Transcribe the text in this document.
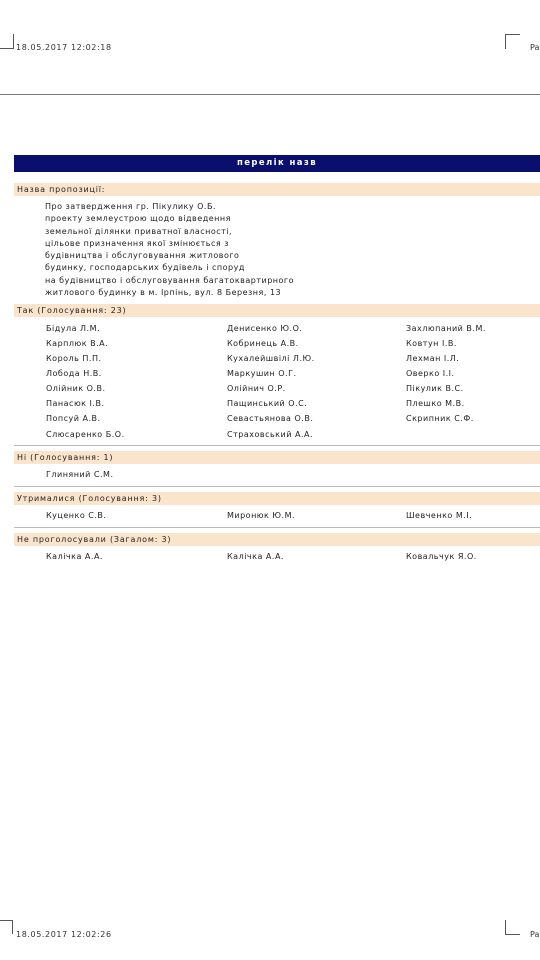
18.05.2017 12:02:18	Pa
перелік назв
Назва пропозиції:
Про затвердження гр. Пікулику О.Б.
проекту землеустрою щодо відведення
земельної ділянки приватної власності,
цільове призначення якої змінюється з
будівництва і обслуговування житлового
будинку, господарських будівель і споруд
на будівництво і обслуговування багатоквартирного
житлового будинку в м. Ірпінь, вул. 8 Березня, 13
Так (Голосування: 23)
Бідула Л.М.	Денисенко Ю.О.	Захлюпаний В.М.
Карплюк В.А.	Кобринець А.В.	Ковтун І.В.
Король П.П.	Кухалейшвілі Л.Ю.	Лехман І.Л.
Лобода Н.В.	Маркушин О.Г.	Оверко І.І.
Олійник О.В.	Олійнич О.Р.	Пікулик В.С.
Панасюк І.В.	Пащинський О.С.	Плешко М.В.
Попсуй А.В.	Севастьянова О.В.	Скрипник С.Ф.
Слюсаренко Б.О.	Страховський А.А.
Ні (Голосування: 1)
Глиняний С.М.
Утрималися (Голосування: 3)
Куценко С.В.	Миронюк Ю.М.	Шевченко М.І.
Не проголосували (Загалом: 3)
Калічка А.А.	Калічка А.А.	Ковальчук Я.О.
18.05.2017 12:02:26	Pa
